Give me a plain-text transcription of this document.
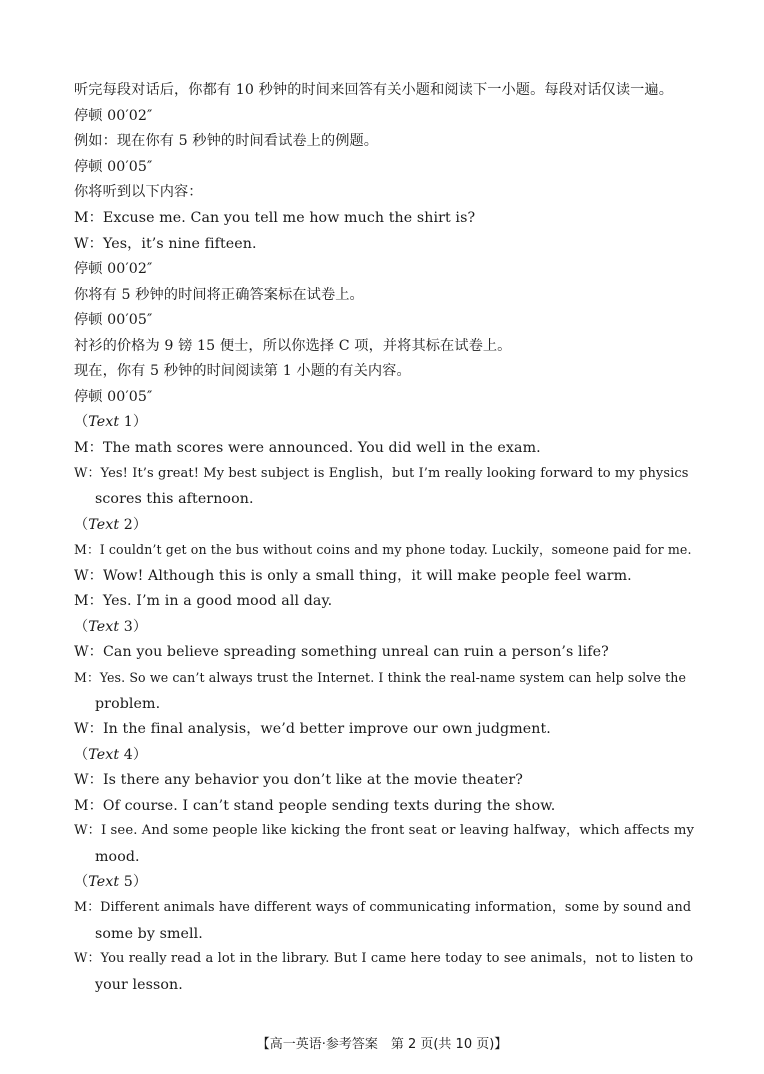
听完每段对话后，你都有 10 秒钟的时间来回答有关小题和阅读下一小题。每段对话仅读一遍。
停顿 00′02″
例如：现在你有 5 秒钟的时间看试卷上的例题。
停顿 00′05″
你将听到以下内容：
M：Excuse me. Can you tell me how much the shirt is?
W：Yes，it’s nine fifteen.
停顿 00′02″
你将有 5 秒钟的时间将正确答案标在试卷上。
停顿 00′05″
衬衫的价格为 9 镑 15 便士，所以你选择 C 项，并将其标在试卷上。
现在，你有 5 秒钟的时间阅读第 1 小题的有关内容。
停顿 00′05″
（Text 1）
M：The math scores were announced. You did well in the exam.
W：Yes! It’s great! My best subject is English，but I’m really looking forward to my physics
scores this afternoon.
（Text 2）
M：I couldn’t get on the bus without coins and my phone today. Luckily，someone paid for me.
W：Wow! Although this is only a small thing，it will make people feel warm.
M：Yes. I’m in a good mood all day.
（Text 3）
W：Can you believe spreading something unreal can ruin a person’s life?
M：Yes. So we can’t always trust the Internet. I think the real-name system can help solve the
problem.
W：In the final analysis，we’d better improve our own judgment.
（Text 4）
W：Is there any behavior you don’t like at the movie theater?
M：Of course. I can’t stand people sending texts during the show.
W：I see. And some people like kicking the front seat or leaving halfway，which affects my
mood.
（Text 5）
M：Different animals have different ways of communicating information，some by sound and
some by smell.
W：You really read a lot in the library. But I came here today to see animals，not to listen to
your lesson.
【高一英语·参考答案　第 2 页(共 10 页)】
